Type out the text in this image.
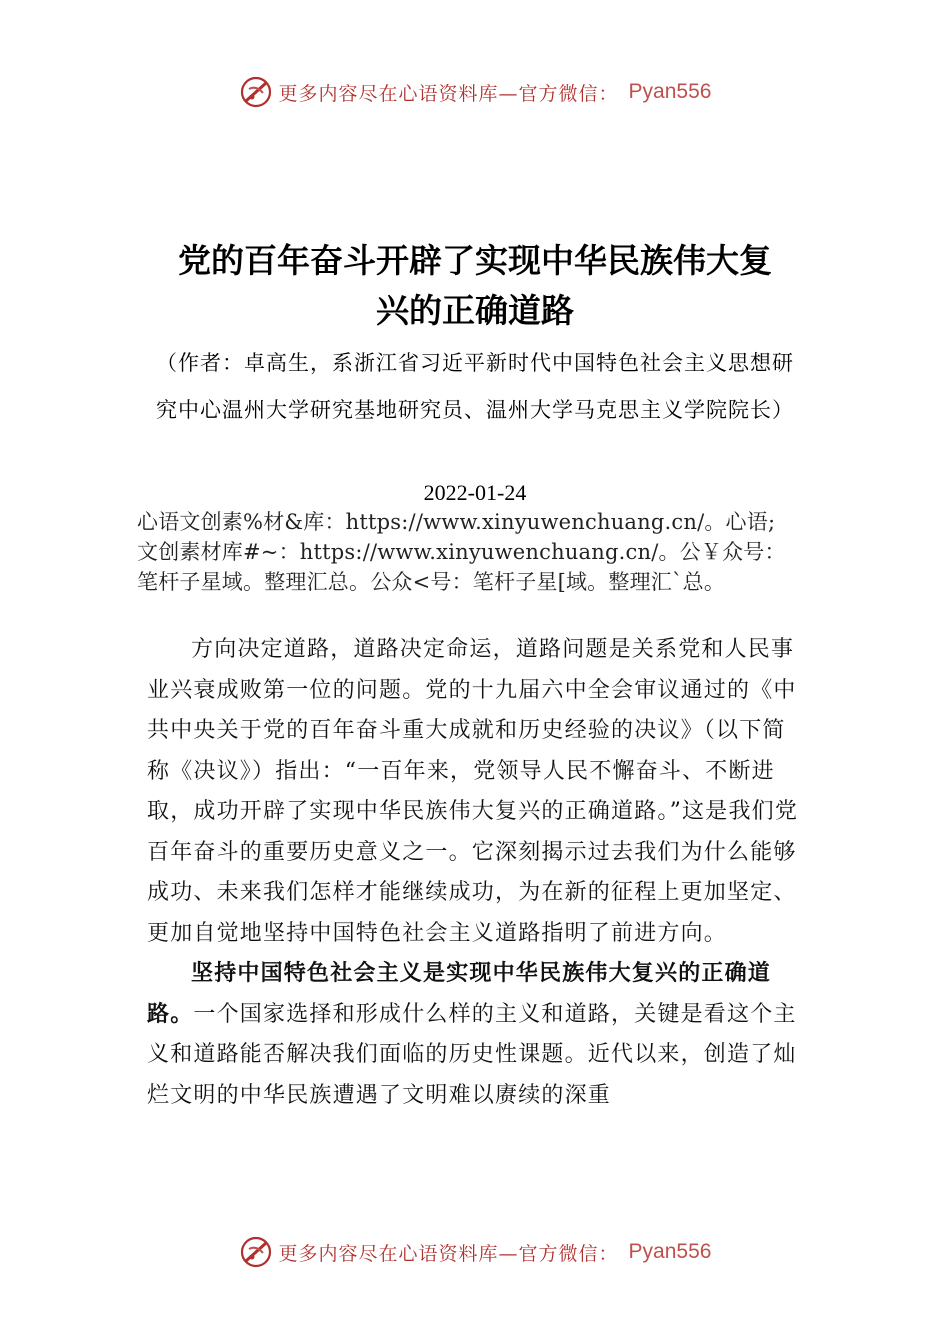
更多内容尽在心语资料库—官方微信： Pyan556
党的百年奋斗开辟了实现中华民族伟大复
兴的正确道路
（作者：卓高生，系浙江省习近平新时代中国特色社会主义思想研究中心温州大学研究基地研究员、温州大学马克思主义学院院长）
2022-01-24
心语文创素%材&库：https://www.xinyuwenchuang.cn/。心语;
文创素材库#~：https://www.xinyuwenchuang.cn/。公￥众号：
笔杆子星域。整理汇总。公众<号：笔杆子星[域。整理汇`总。

方向决定道路，道路决定命运，道路问题是关系党和人民事业兴衰成败第一位的问题。党的十九届六中全会审议通过的《中共中央关于党的百年奋斗重大成就和历史经验的决议》（以下简称《决议》）指出：“一百年来，党领导人民不懈奋斗、不断进取，成功开辟了实现中华民族伟大复兴的正确道路。”这是我们党百年奋斗的重要历史意义之一。它深刻揭示过去我们为什么能够成功、未来我们怎样才能继续成功，为在新的征程上更加坚定、更加自觉地坚持中国特色社会主义道路指明了前进方向。

坚持中国特色社会主义是实现中华民族伟大复兴的正确道路。一个国家选择和形成什么样的主义和道路，关键是看这个主义和道路能否解决我们面临的历史性课题。近代以来，创造了灿烂文明的中华民族遭遇了文明难以赓续的深重

更多内容尽在心语资料库—官方微信： Pyan556
